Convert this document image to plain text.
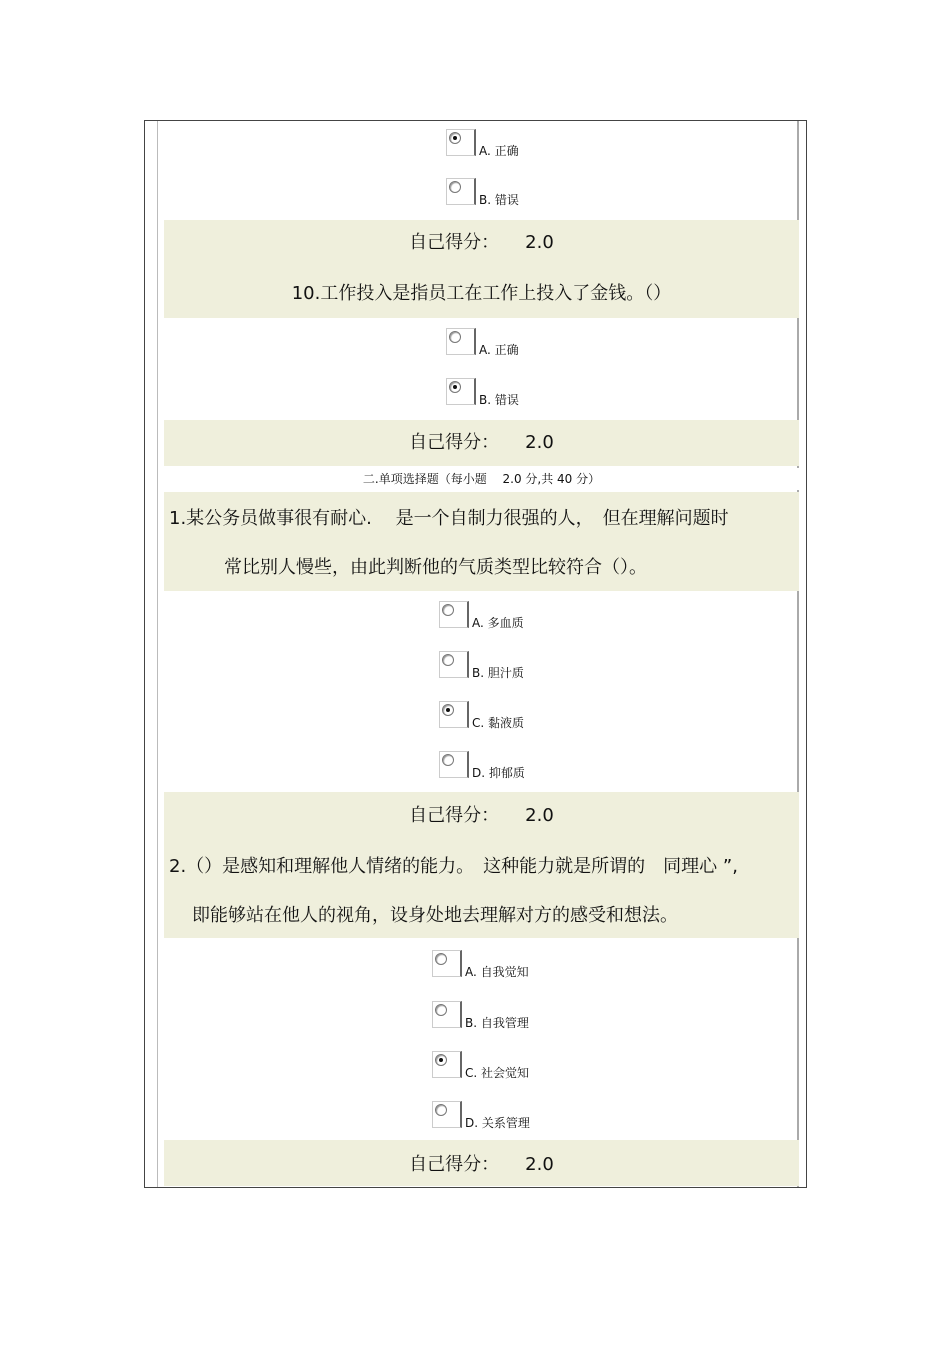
A. 正确
B. 错误
自己得分： 2.0
10.工作投入是指员工在工作上投入了金钱。（）
A. 正确
B. 错误
自己得分： 2.0
二.单项选择题（每小题　 2.0 分,共 40 分）
1.某公务员做事很有耐心.　 是一个自制力很强的人，　但在理解问题时
常比别人慢些，由此判断他的气质类型比较符合（）。
A. 多血质
B. 胆汁质
C. 黏液质
D. 抑郁质
自己得分： 2.0
2.（）是感知和理解他人情绪的能力。　这种能力就是所谓的　同理心 ”,
即能够站在他人的视角，设身处地去理解对方的感受和想法。
A. 自我觉知
B. 自我管理
C. 社会觉知
D. 关系管理
自己得分： 2.0
